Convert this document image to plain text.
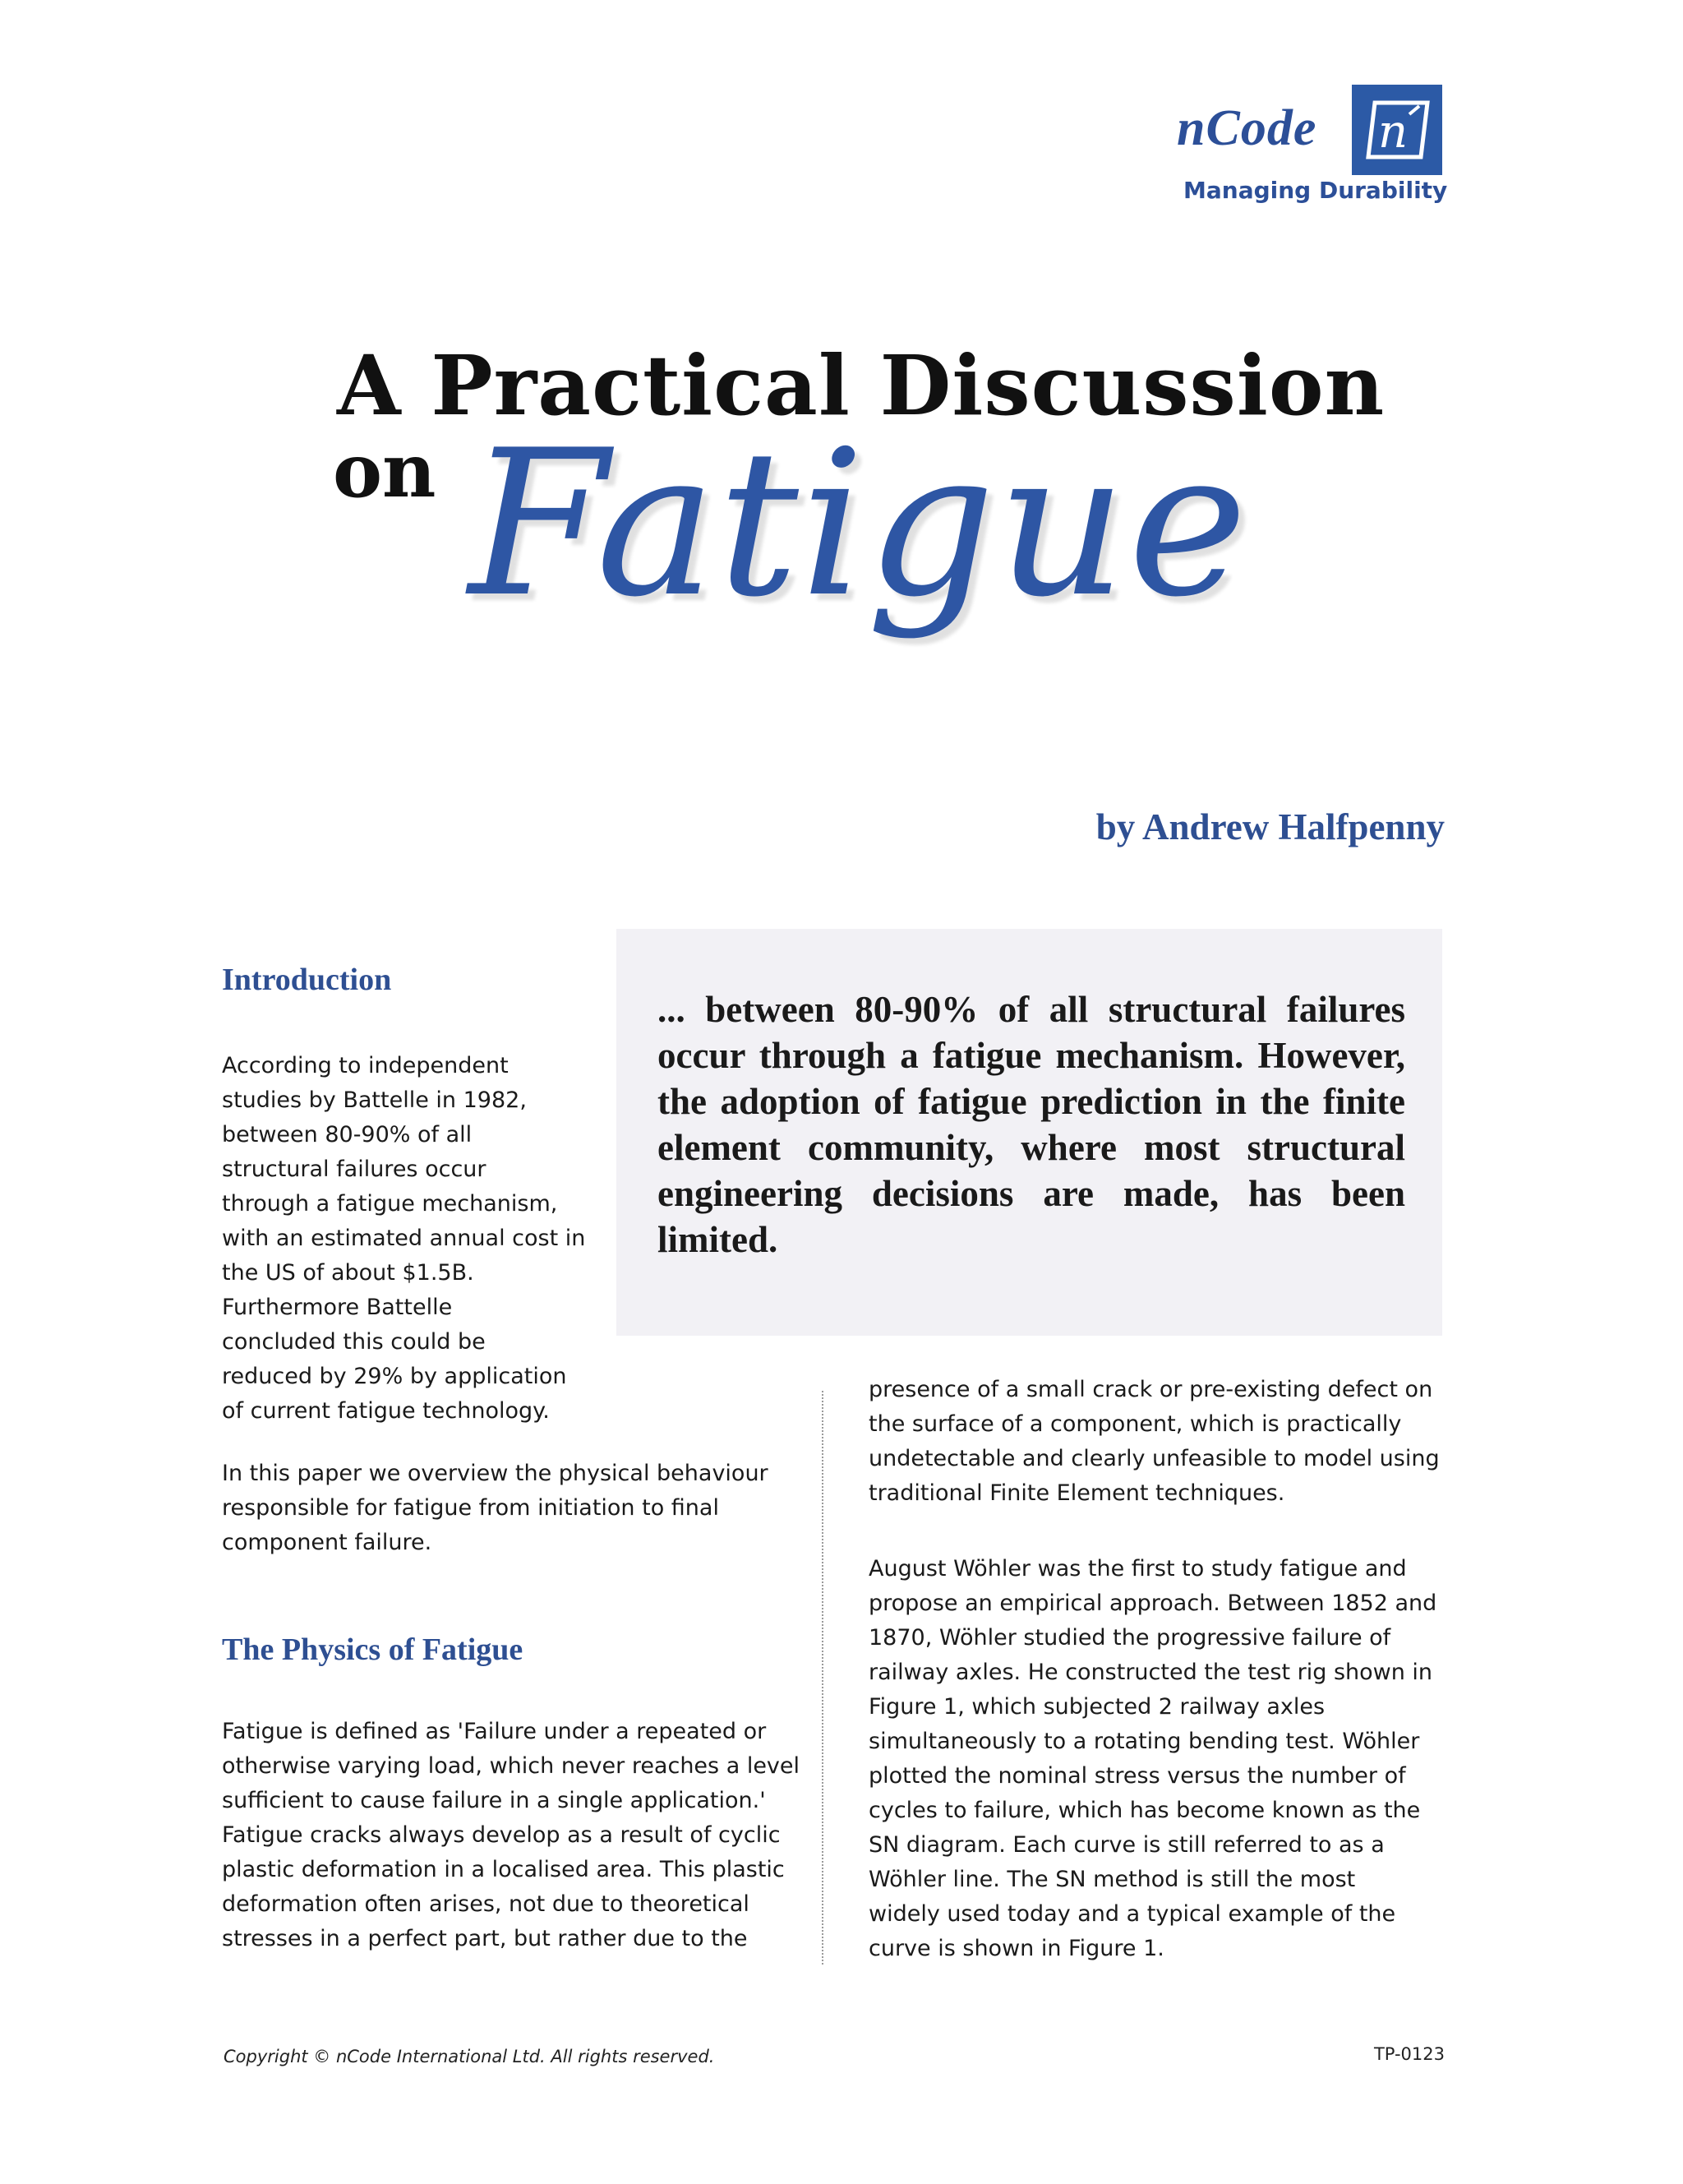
nCode n
Managing Durability
A Practical Discussion
on Fatigue
by Andrew Halfpenny
... between 80-90% of all structural failures occur through a fatigue mechanism. However, the adoption of fatigue prediction in the finite element community, where most structural engineering decisions are made, has been limited.
Introduction
According to independent
studies by Battelle in 1982,
between 80-90% of all
structural failures occur
through a fatigue mechanism,
with an estimated annual cost in
the US of about $1.5B.
Furthermore Battelle
concluded this could be
reduced by 29% by application
of current fatigue technology.
In this paper we overview the physical behaviour
responsible for fatigue from initiation to final
component failure.
The Physics of Fatigue
Fatigue is defined as 'Failure under a repeated or
otherwise varying load, which never reaches a level
sufficient to cause failure in a single application.'
Fatigue cracks always develop as a result of cyclic
plastic deformation in a localised area. This plastic
deformation often arises, not due to theoretical
stresses in a perfect part, but rather due to the
presence of a small crack or pre-existing defect on
the surface of a component, which is practically
undetectable and clearly unfeasible to model using
traditional Finite Element techniques.
August Wöhler was the first to study fatigue and
propose an empirical approach. Between 1852 and
1870, Wöhler studied the progressive failure of
railway axles. He constructed the test rig shown in
Figure 1, which subjected 2 railway axles
simultaneously to a rotating bending test. Wöhler
plotted the nominal stress versus the number of
cycles to failure, which has become known as the
SN diagram. Each curve is still referred to as a
Wöhler line. The SN method is still the most
widely used today and a typical example of the
curve is shown in Figure 1.
Copyright © nCode International Ltd. All rights reserved.	TP-0123
